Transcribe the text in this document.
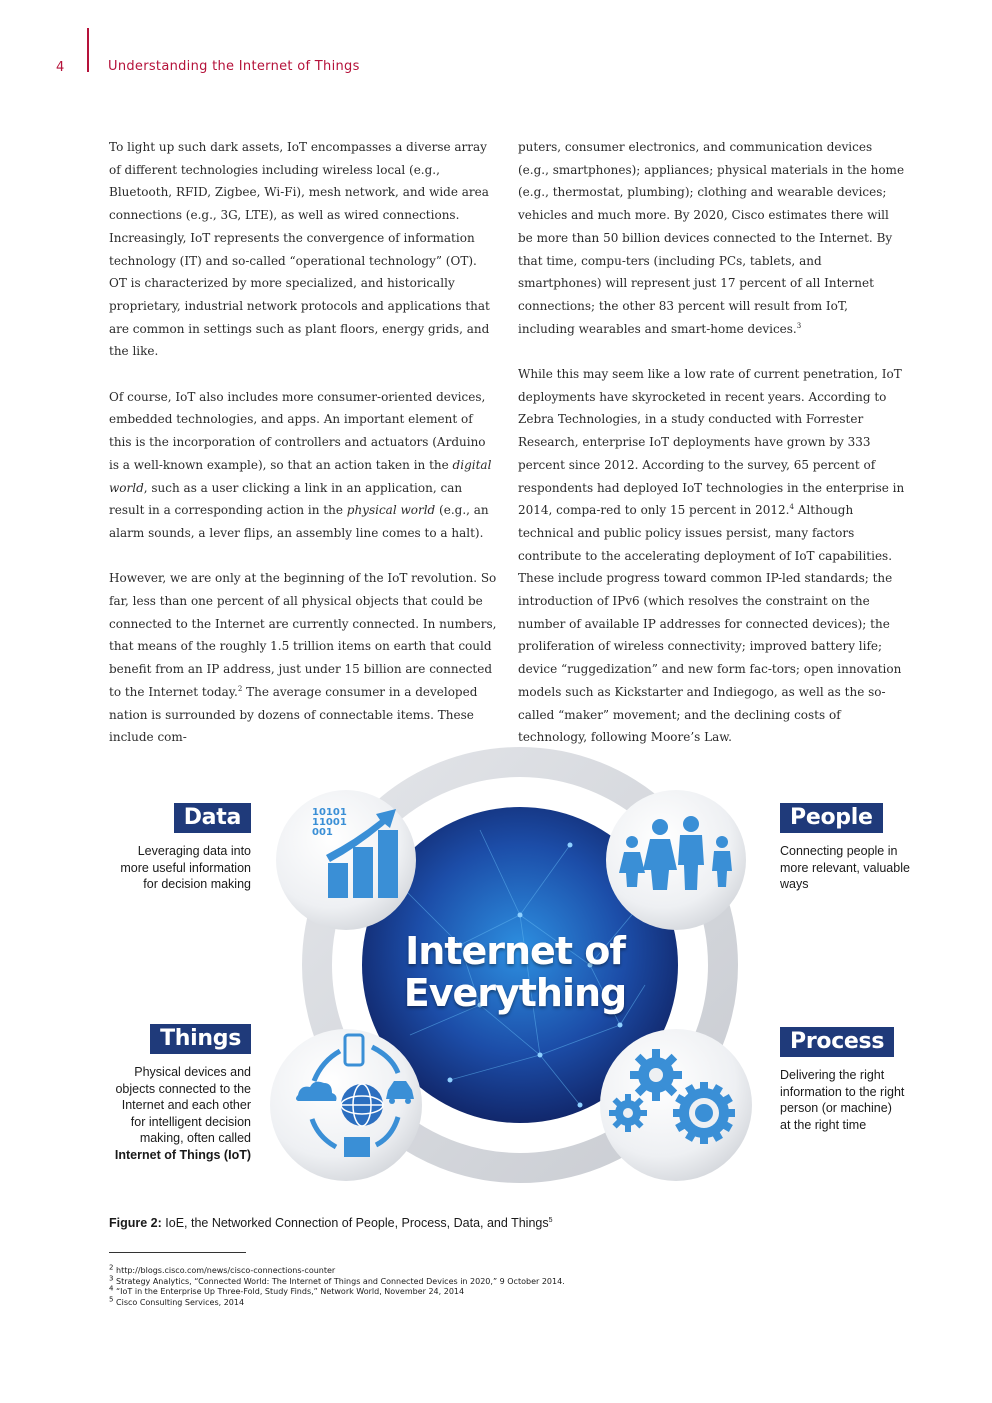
4	Understanding the Internet of Things

To light up such dark assets, IoT encompasses a diverse array of different technologies including wireless local (e.g., Bluetooth, RFID, Zigbee, Wi-Fi), mesh network, and wide area connections (e.g., 3G, LTE), as well as wired connections. Increasingly, IoT represents the convergence of information technology (IT) and so-called “operational technology” (OT). OT is characterized by more specialized, and historically proprietary, industrial network protocols and applications that are common in settings such as plant floors, energy grids, and the like.

Of course, IoT also includes more consumer-oriented devices, embedded technologies, and apps. An important element of this is the incorporation of controllers and actuators (Arduino is a well-known example), so that an action taken in the digital world, such as a user clicking a link in an application, can result in a corresponding action in the physical world (e.g., an alarm sounds, a lever flips, an assembly line comes to a halt).

However, we are only at the beginning of the IoT revolution. So far, less than one percent of all physical objects that could be connected to the Internet are currently connected. In numbers, that means of the roughly 1.5 trillion items on earth that could benefit from an IP address, just under 15 billion are connected to the Internet today.$^2$ The average consumer in a developed nation is surrounded by dozens of connectable items. These include com-

puters, consumer electronics, and communication devices (e.g., smartphones); appliances; physical materials in the home (e.g., thermostat, plumbing); clothing and wearable devices; vehicles and much more. By 2020, Cisco estimates there will be more than 50 billion devices connected to the Internet. By that time, compu-ters (including PCs, tablets, and smartphones) will represent just 17 percent of all Internet connections; the other 83 percent will result from IoT, including wearables and smart-home devices.$^3$

While this may seem like a low rate of current penetration, IoT deployments have skyrocketed in recent years. According to Zebra Technologies, in a study conducted with Forrester Research, enterprise IoT deployments have grown by 333 percent since 2012. According to the survey, 65 percent of respondents had deployed IoT technologies in the enterprise in 2014, compa-red to only 15 percent in 2012.$^4$ Although technical and public policy issues persist, many factors contribute to the accelerating deployment of IoT capabilities. These include progress toward common IP-led standards; the introduction of IPv6 (which resolves the constraint on the number of available IP addresses for connected devices); the proliferation of wireless connectivity; improved battery life; device “ruggedization” and new form fac-tors; open innovation models such as Kickstarter and Indiegogo, as well as the so-called “maker” movement; and the declining costs of technology, following Moore’s Law.

10101
11001
001
Internet of
Everything
Data
Leveraging data into
more useful information
for decision making
People
Connecting people in
more relevant, valuable
ways
Things
Physical devices and
objects connected to the
Internet and each other
for intelligent decision
making, often called
Internet of Things (IoT)
Process
Delivering the right
information to the right
person (or machine)
at the right time
Figure 2: IoE, the Networked Connection of People, Process, Data, and Things$^5$
$^2$ http://blogs.cisco.com/news/cisco-connections-counter
$^3$ Strategy Analytics, “Connected World: The Internet of Things and Connected Devices in 2020,” 9 October 2014.
$^4$ “IoT in the Enterprise Up Three-Fold, Study Finds,” Network World, November 24, 2014
$^5$ Cisco Consulting Services, 2014
